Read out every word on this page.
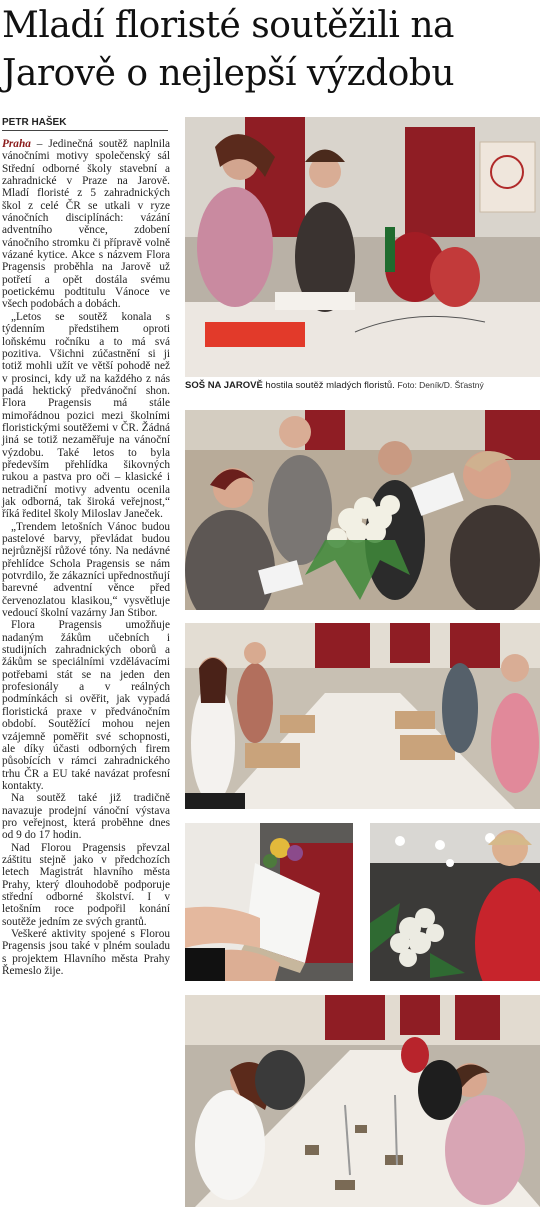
Mladí floristé soutěžili na Jarově o nejlepší výzdobu
PETR HAŠEK

Praha – Jedinečná soutěž naplnila vánočními motivy společenský sál Střední odborné školy stavební a zahradnické v Praze na Jarově. Mladí floristé z 5 zahradnických škol z celé ČR se utkali v ryze vánočních disciplínách: vázání adventního věnce, zdobení vánočního stromku či přípravě volně vázané kytice. Akce s názvem Flora Pragensis proběhla na Jarově už potřetí a opět dostála svému poetickému podtitulu Vánoce ve všech podobách a dobách.

„Letos se soutěž konala s týdenním předstihem oproti loňskému ročníku a to má svá pozitiva. Všichni zúčastnění si ji totiž mohli užít ve větší pohodě než v prosinci, kdy už na každého z nás padá hektický předvánoční shon. Flora Pragensis má stále mimořádnou pozici mezi školními floristickými soutěžemi v ČR. Žádná jiná se totiž nezaměřuje na vánoční výzdobu. Také letos to byla především přehlídka šikovných rukou a pastva pro oči – klasické i netradiční motivy adventu ocenila jak odborná, tak široká veřejnost,“ říká ředitel školy Miloslav Janeček.

„Trendem letošních Vánoc budou pastelové barvy, převládat budou nejrůznější růžové tóny. Na nedávné přehlídce Schola Pragensis se nám potvrdilo, že zákazníci upřednostňují barevné adventní věnce před červenozlatou klasikou,“ vysvětluje vedoucí školní vazárny Jan Stibor.

Flora Pragensis umožňuje nadaným žákům učebních i studijních zahradnických oborů a žákům se speciálními vzdělávacími potřebami stát se na jeden den profesionály a v reálných podmínkách si ověřit, jak vypadá floristická praxe v předvánočním období. Soutěžící mohou nejen vzájemně poměřit své schopnosti, ale díky účasti odborných firem působících v rámci zahradnického trhu ČR a EU také navázat profesní kontakty.

Na soutěž také již tradičně navazuje prodejní vánoční výstava pro veřejnost, která proběhne dnes od 9 do 17 hodin.

Nad Florou Pragensis převzal záštitu stejně jako v předchozích letech Magistrát hlavního města Prahy, který dlouhodobě podporuje střední odborné školství. I v letošním roce podpořil konání soutěže jedním ze svých grantů.

Veškeré aktivity spojené s Florou Pragensis jsou také v plném souladu s projektem Hlavního města Prahy Řemeslo žije.

SOŠ NA JAROVĚ hostila soutěž mladých floristů. Foto: Deník/D. Šťastný
